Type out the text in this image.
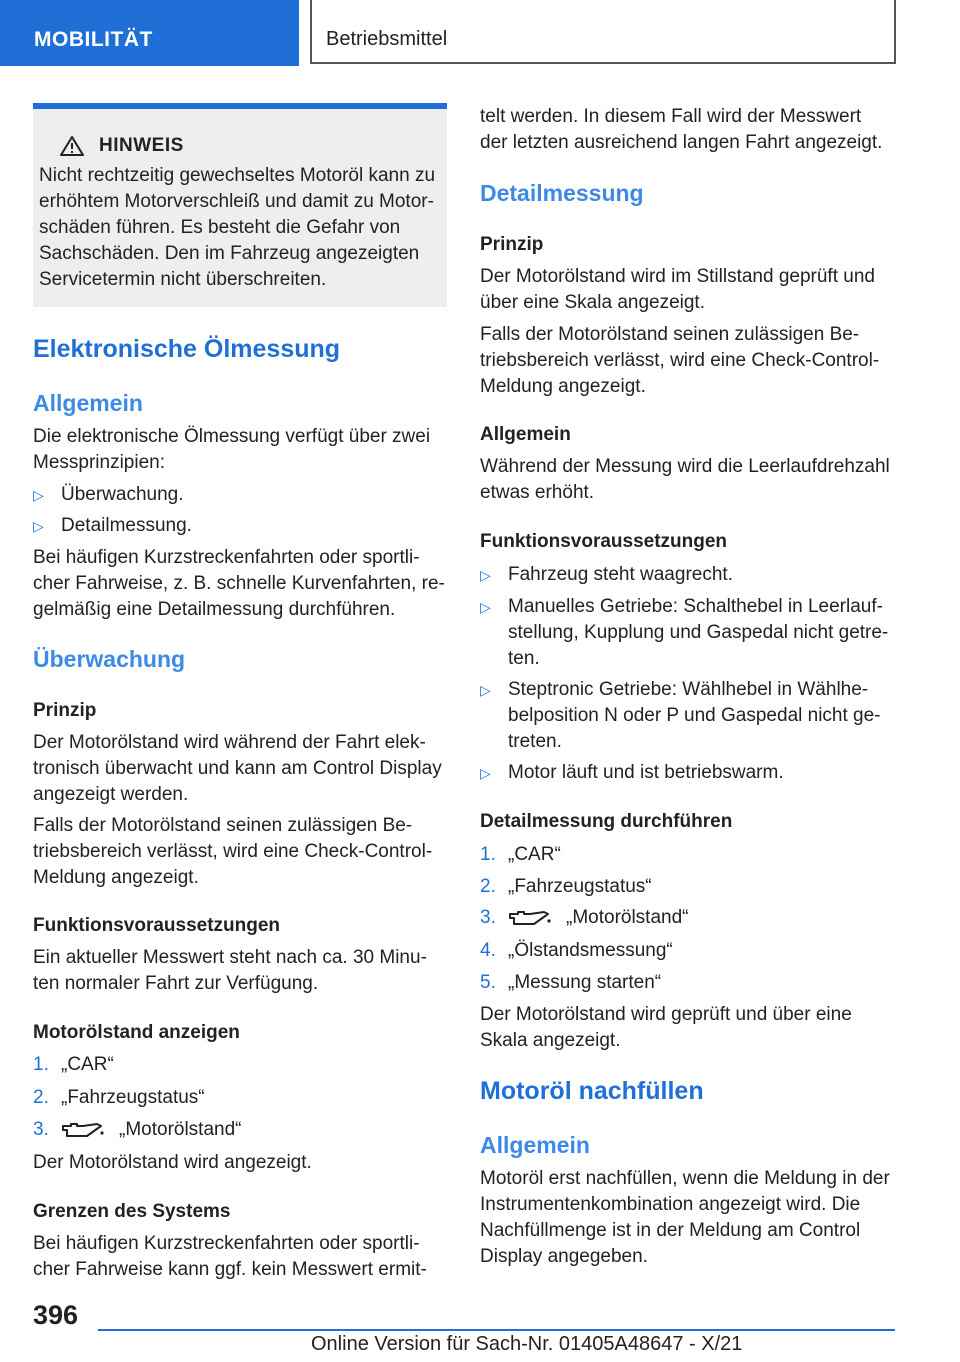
MOBILITÄT	Betriebsmittel
HINWEIS

Nicht rechtzeitig gewechseltes Motoröl kann zu

erhöhtem Motorverschleiß und damit zu Motor-

schäden führen. Es besteht die Gefahr von

Sachschäden. Den im Fahrzeug angezeigten

Servicetermin nicht überschreiten.

Elektronische Ölmessung
Allgemein
Die elektronische Ölmessung verfügt über zwei
Messprinzipien:
▷ Überwachung.
▷ Detailmessung.
Bei häufigen Kurzstreckenfahrten oder sportli-
cher Fahrweise, z. B. schnelle Kurvenfahrten, re-
gelmäßig eine Detailmessung durchführen.
Überwachung
Prinzip
Der Motorölstand wird während der Fahrt elek-
tronisch überwacht und kann am Control Display
angezeigt werden.
Falls der Motorölstand seinen zulässigen Be-
triebsbereich verlässt, wird eine Check-Control-
Meldung angezeigt.
Funktionsvoraussetzungen
Ein aktueller Messwert steht nach ca. 30 Minu-
ten normaler Fahrt zur Verfügung.
Motorölstand anzeigen
1. „CAR“
2. „Fahrzeugstatus“
3.	„Motorölstand“
Der Motorölstand wird angezeigt.
Grenzen des Systems
Bei häufigen Kurzstreckenfahrten oder sportli-
cher Fahrweise kann ggf. kein Messwert ermit-
telt werden. In diesem Fall wird der Messwert
der letzten ausreichend langen Fahrt angezeigt.
Detailmessung
Prinzip
Der Motorölstand wird im Stillstand geprüft und
über eine Skala angezeigt.
Falls der Motorölstand seinen zulässigen Be-
triebsbereich verlässt, wird eine Check-Control-
Meldung angezeigt.
Allgemein
Während der Messung wird die Leerlaufdrehzahl
etwas erhöht.
Funktionsvoraussetzungen
▷ Fahrzeug steht waagrecht.
▷ Manuelles Getriebe: Schalthebel in Leerlauf-
stellung, Kupplung und Gaspedal nicht getre-
ten.
▷ Steptronic Getriebe: Wählhebel in Wählhe-
belposition N oder P und Gaspedal nicht ge-
treten.
▷ Motor läuft und ist betriebswarm.
Detailmessung durchführen
1. „CAR“
2. „Fahrzeugstatus“
3.	„Motorölstand“
4. „Ölstandsmessung“
5. „Messung starten“
Der Motorölstand wird geprüft und über eine
Skala angezeigt.
Motoröl nachfüllen
Allgemein
Motoröl erst nachfüllen, wenn die Meldung in der
Instrumentenkombination angezeigt wird. Die
Nachfüllmenge ist in der Meldung am Control
Display angegeben.
396
Online Version für Sach-Nr. 01405A48647 - X/21
